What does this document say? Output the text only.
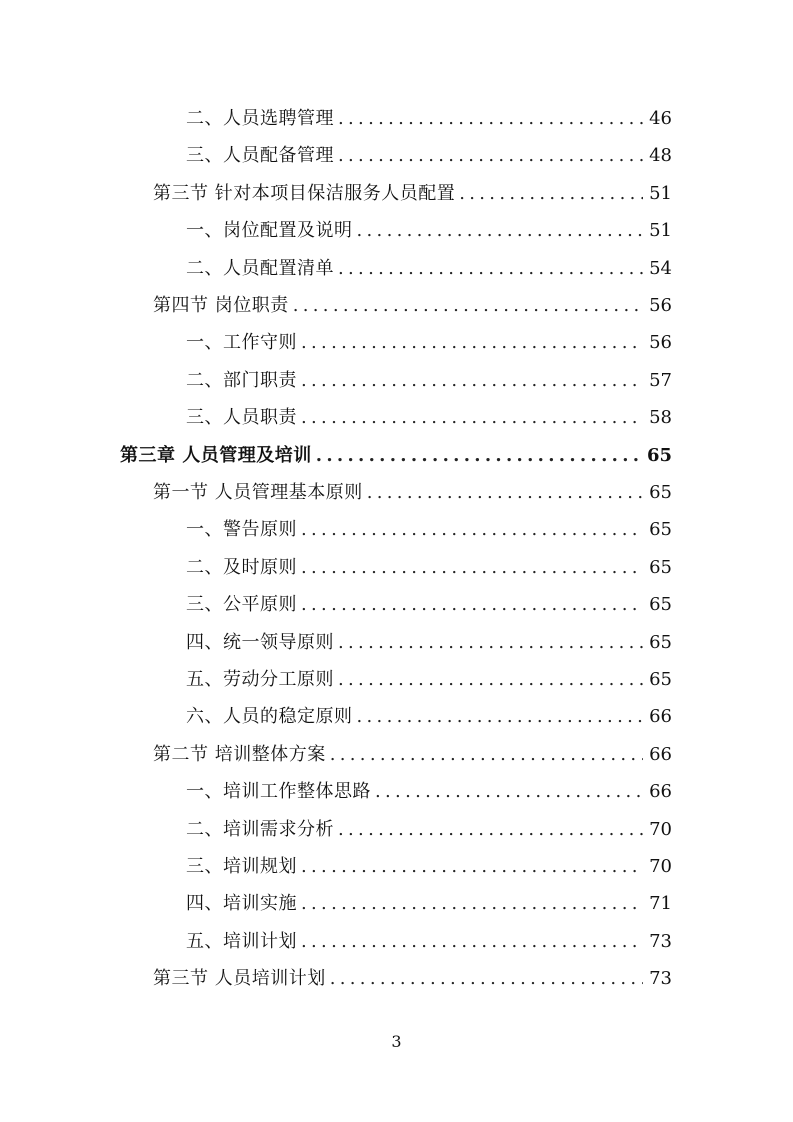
二、人员选聘管理 .....	46
三、人员配备管理 .....	48
第三节 针对本项目保洁服务人员配置 .....	51
一、岗位配置及说明 .....	51
二、人员配置清单 .....	54
第四节 岗位职责 .....	56
一、工作守则 .....	56
二、部门职责 .....	57
三、人员职责 .....	58
第三章 人员管理及培训 .....	65
第一节 人员管理基本原则 .....	65
一、警告原则 .....	65
二、及时原则 .....	65
三、公平原则 .....	65
四、统一领导原则 .....	65
五、劳动分工原则 .....	65
六、人员的稳定原则 .....	66
第二节 培训整体方案 .....	66
一、培训工作整体思路 .....	66
二、培训需求分析 .....	70
三、培训规划 .....	70
四、培训实施 .....	71
五、培训计划 .....	73
第三节 人员培训计划 .....	73
3
